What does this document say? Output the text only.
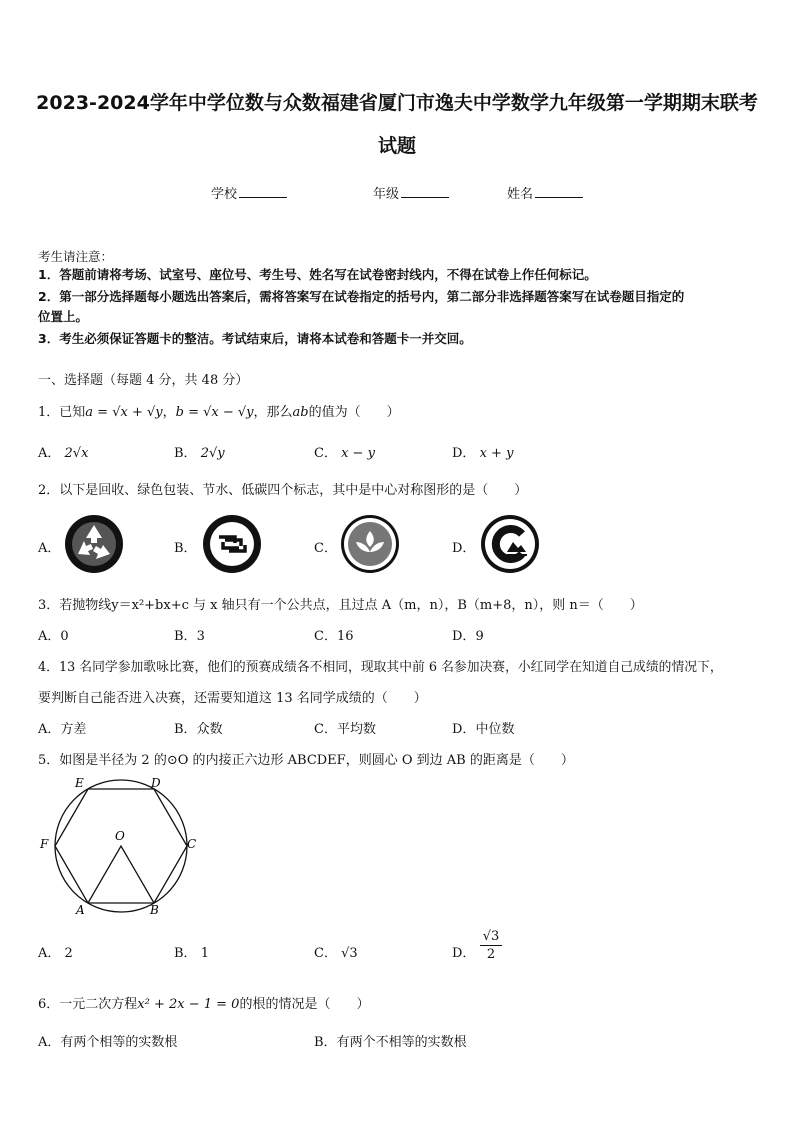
2023-2024学年中学位数与众数福建省厦门市逸夫中学数学九年级第一学期期末联考
试题
学校	年级	姓名
考生请注意：
1．答题前请将考场、试室号、座位号、考生号、姓名写在试卷密封线内，不得在试卷上作任何标记。
2．第一部分选择题每小题选出答案后，需将答案写在试卷指定的括号内，第二部分非选择题答案写在试卷题目指定的
位置上。
3．考生必须保证答题卡的整洁。考试结束后，请将本试卷和答题卡一并交回。
一、选择题（每题 4 分，共 48 分）
1．已知a = √x + √y，b = √x − √y，那么ab的值为（　　）
A． 2√x	B． 2√y	C． x − y	D． x + y
2．以下是回收、绿色包装、节水、低碳四个标志，其中是中心对称图形的是（　　）
A．	B．	C．	D．
3．若抛物线y＝x²+bx+c 与 x 轴只有一个公共点，且过点 A（m，n），B（m+8，n），则 n＝（　　）
A．0	B．3	C．16	D．9
4．13 名同学参加歌咏比赛，他们的预赛成绩各不相同，现取其中前 6 名参加决赛，小红同学在知道自己成绩的情况下，
要判断自己能否进入决赛，还需要知道这 13 名同学成绩的（　　）
A．方差	B．众数	C．平均数	D．中位数
5．如图是半径为 2 的⊙O 的内接正六边形 ABCDEF，则圆心 O 到边 AB 的距离是（　　）
E	D
O
F	C
A	B
A． 2	B． 1	C． √3	D． $\frac{√3}{2}$
6．一元二次方程x² + 2x − 1 = 0的根的情况是（　　）
A．有两个相等的实数根	B．有两个不相等的实数根
